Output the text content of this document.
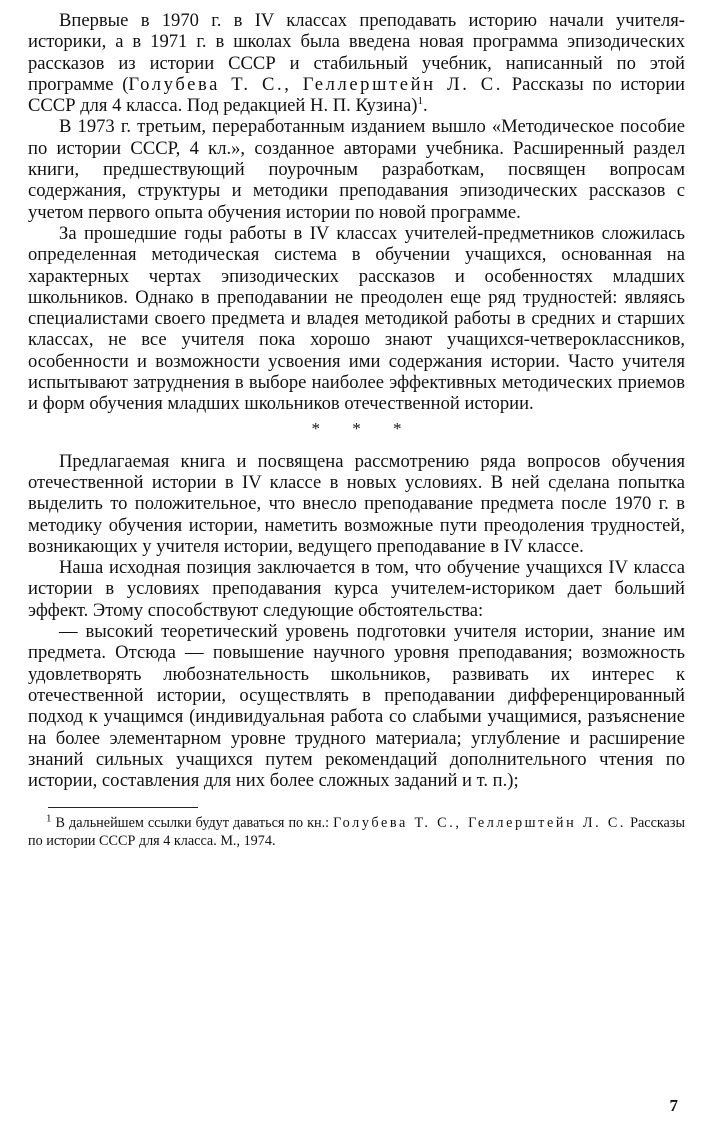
Впервые в 1970 г. в IV классах преподавать историю начали учителя-историки, а в 1971 г. в школах была введена новая программа эпизодических рассказов из истории СССР и стабильный учебник, написанный по этой программе (Голубева Т. С., Геллерштейн Л. С. Рассказы по истории СССР для 4 класса. Под редакцией Н. П. Кузина)$^1$.

В 1973 г. третьим, переработанным изданием вышло «Методическое пособие по истории СССР, 4 кл.», созданное авторами учебника. Расширенный раздел книги, предшествующий поурочным разработкам, посвящен вопросам содержания, структуры и методики преподавания эпизодических рассказов с учетом первого опыта обучения истории по новой программе.

За прошедшие годы работы в IV классах учителей-предметников сложилась определенная методическая система в обучении учащихся, основанная на характерных чертах эпизодических рассказов и особенностях младших школьников. Однако в преподавании не преодолен еще ряд трудностей: являясь специалистами своего предмета и владея методикой работы в средних и старших классах, не все учителя пока хорошо знают учащихся-четвероклассников, особенности и возможности усвоения ими содержания истории. Часто учителя испытывают затруднения в выборе наиболее эффективных методических приемов и форм обучения младших школьников отечественной истории.

* * *

Предлагаемая книга и посвящена рассмотрению ряда вопросов обучения отечественной истории в IV классе в новых условиях. В ней сделана попытка выделить то положительное, что внесло преподавание предмета после 1970 г. в методику обучения истории, наметить возможные пути преодоления трудностей, возникающих у учителя истории, ведущего преподавание в IV классе.

Наша исходная позиция заключается в том, что обучение учащихся IV класса истории в условиях преподавания курса учителем-историком дает больший эффект. Этому способствуют следующие обстоятельства:

— высокий теоретический уровень подготовки учителя истории, знание им предмета. Отсюда — повышение научного уровня преподавания; возможность удовлетворять любознательность школьников, развивать их интерес к отечественной истории, осуществлять в преподавании дифференцированный подход к учащимся (индивидуальная работа со слабыми учащимися, разъяснение на более элементарном уровне трудного материала; углубление и расширение знаний сильных учащихся путем рекомендаций дополнительного чтения по истории, составления для них более сложных заданий и т. п.);

$^1$ В дальнейшем ссылки будут даваться по кн.: Голубева Т. С., Геллерштейн Л. С. Рассказы по истории СССР для 4 класса. М., 1974.

7
